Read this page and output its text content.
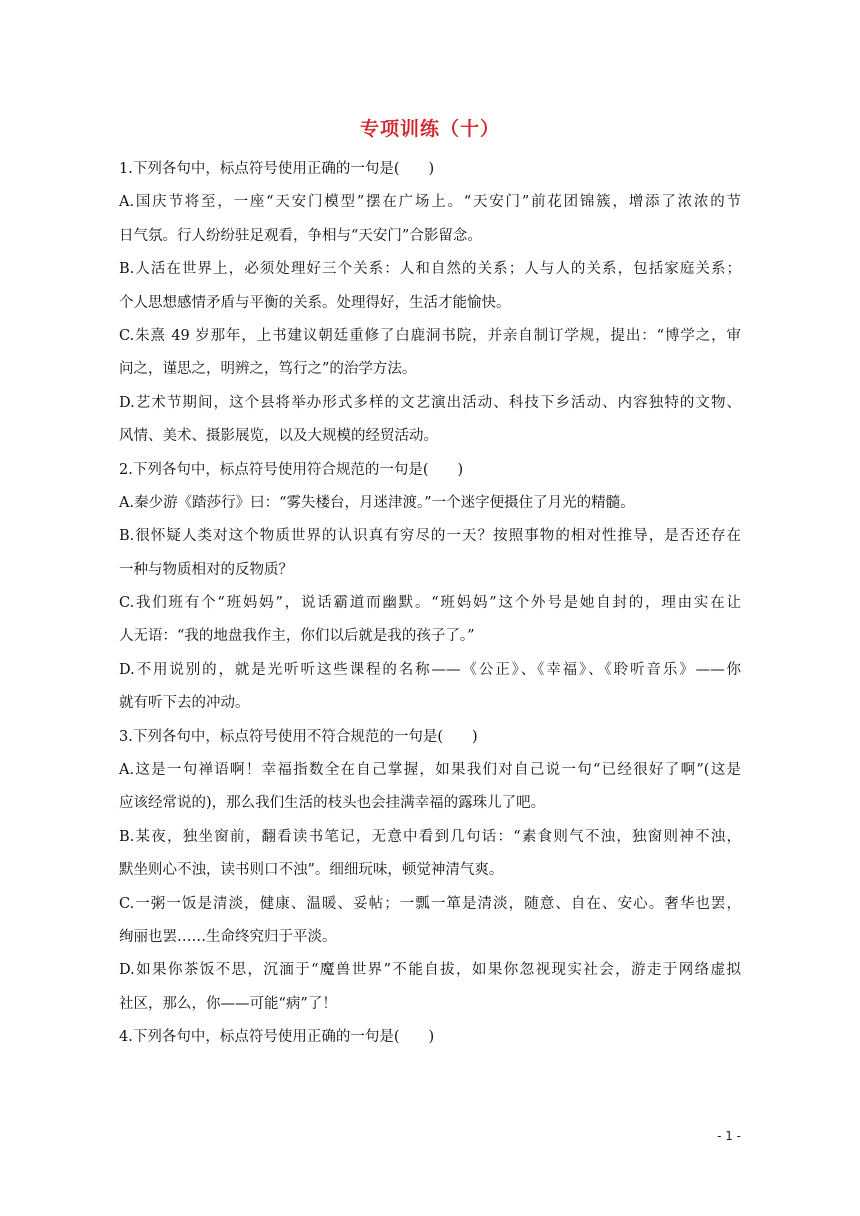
专项训练（十）
1.下列各句中，标点符号使用正确的一句是(　　)
A.国庆节将至，一座“天安门模型”摆在广场上。“天安门”前花团锦簇，增添了浓浓的节
日气氛。行人纷纷驻足观看，争相与“天安门”合影留念。
B.人活在世界上，必须处理好三个关系：人和自然的关系；人与人的关系，包括家庭关系；
个人思想感情矛盾与平衡的关系。处理得好，生活才能愉快。
C.朱熹 49 岁那年，上书建议朝廷重修了白鹿洞书院，并亲自制订学规，提出：“博学之，审
问之，谨思之，明辨之，笃行之”的治学方法。
D.艺术节期间，这个县将举办形式多样的文艺演出活动、科技下乡活动、内容独特的文物、
风情、美术、摄影展览，以及大规模的经贸活动。
2.下列各句中，标点符号使用符合规范的一句是(　　)
A.秦少游《踏莎行》曰：“雾失楼台，月迷津渡。”一个迷字便摄住了月光的精髓。
B.很怀疑人类对这个物质世界的认识真有穷尽的一天？按照事物的相对性推导，是否还存在
一种与物质相对的反物质？
C.我们班有个“班妈妈”，说话霸道而幽默。“班妈妈”这个外号是她自封的，理由实在让
人无语：“我的地盘我作主，你们以后就是我的孩子了。”
D.不用说别的，就是光听听这些课程的名称——《公正》、《幸福》、《聆听音乐》——你
就有听下去的冲动。
3.下列各句中，标点符号使用不符合规范的一句是(　　)
A.这是一句禅语啊！幸福指数全在自己掌握，如果我们对自己说一句“已经很好了啊”(这是
应该经常说的)，那么我们生活的枝头也会挂满幸福的露珠儿了吧。
B.某夜，独坐窗前，翻看读书笔记，无意中看到几句话：“素食则气不浊，独窗则神不浊，
默坐则心不浊，读书则口不浊”。细细玩味，顿觉神清气爽。
C.一粥一饭是清淡，健康、温暖、妥帖；一瓢一箪是清淡，随意、自在、安心。奢华也罢，
绚丽也罢……生命终究归于平淡。
D.如果你茶饭不思，沉湎于“魔兽世界”不能自拔，如果你忽视现实社会，游走于网络虚拟
社区，那么，你——可能“病”了！
4.下列各句中，标点符号使用正确的一句是(　　)
- 1 -
